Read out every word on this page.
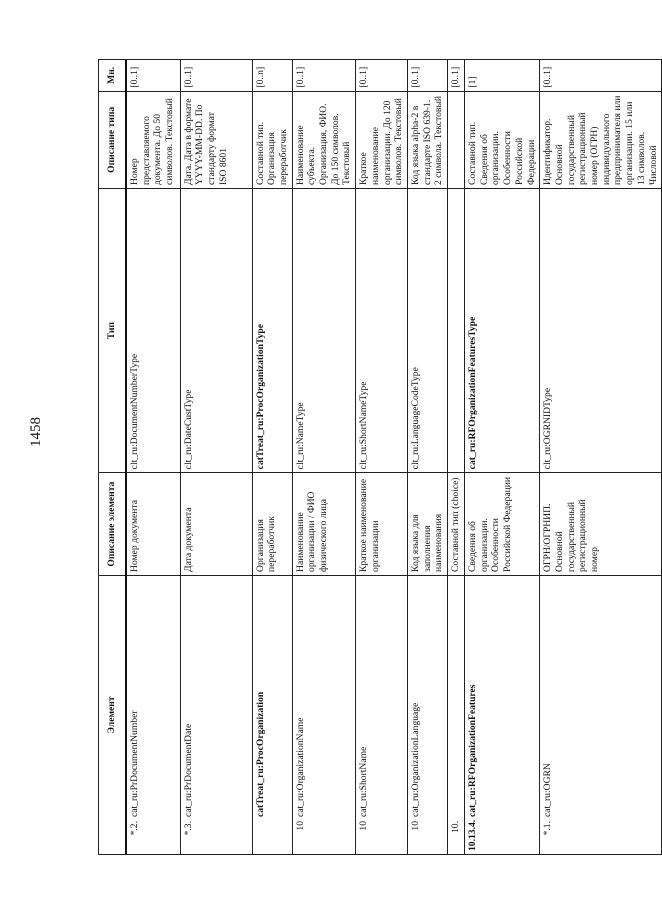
1458
Элемент	Описание элемента	Тип	Описание типа	Мн.
*.2.cat_ru:PrDocumentNumber	Номер документа	clt_ru:DocumentNumberType	Номер представляемого документа. До 50 символов. Текстовый	[0..1]
*.3.cat_ru:PrDocumentDate	Дата документа	clt_ru:DateCustType	Дата. Дата в формате YYYY-MM-DD. По стандарту формат ISO 8601	[0..1]
catTreat_ru:ProcOrganization	Организация переработчик	catTreat_ru:ProcOrganizationType	Составной тип. Организация переработчик	[0..n]
10cat_ru:OrganizationName	Наименование организации / ФИО физического лица	clt_ru:NameType	Наименование субъекта. Организация, ФИО. До 150 символов. Текстовый	[0..1]
10cat_ru:ShortName	Краткое наименование организации	clt_ru:ShortNameType	Краткое наименование организации. До 120 символов. Текстовый	[0..1]
10cat_ru:OrganizationLanguage	Код языка для заполнения наименования	clt_ru:LanguageCodeType	Код языка alpha-2 в стандарте ISO 639-1. 2 символа. Текстовый	[0..1]
10.	Составной тип (choice)			[0..1]
10.13.4.cat_ru:RFOrganizationFeatures	Сведения об организации. Особенности Российской Федерации	cat_ru:RFOrganizationFeaturesType	Составной тип. Сведения об организации. Особенности Российской Федерации	[1]
*.1.cat_ru:OGRN	ОГРН/ОГРНИП. Основной государственный регистрационный номер	clt_ru:OGRNIDType	Идентификатор. Основной государственный регистрационный номер (ОГРН) индивидуального предпринимателя или организации. 15 или 13 символов. Числовой	[0..1]
